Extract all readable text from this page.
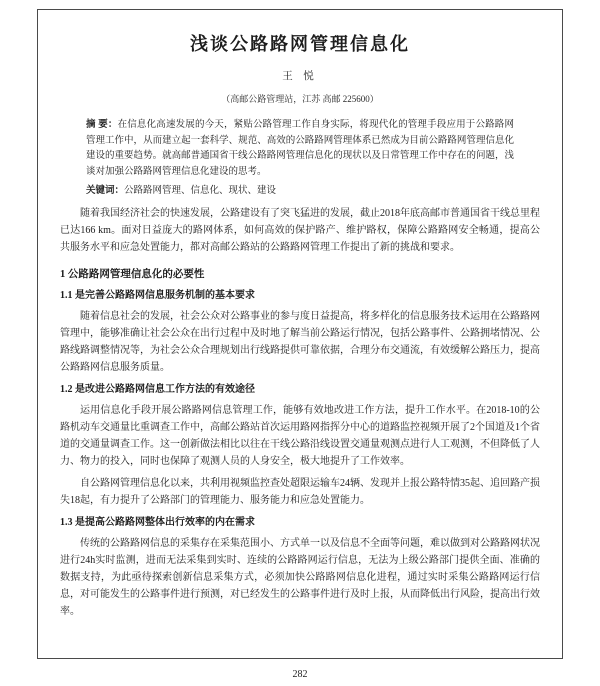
浅谈公路路网管理信息化
王 悦
（高邮公路管理站，江苏 高邮 225600）
摘 要：在信息化高速发展的今天，紧贴公路管理工作自身实际，将现代化的管理手段应用于公路路网管理工作中，从而建立起一套科学、规范、高效的公路路网管理体系已然成为目前公路路网管理信息化建设的重要趋势。就高邮普通国省干线公路路网管理信息化的现状以及日常管理工作中存在的问题，浅谈对加强公路路网管理信息化建设的思考。
关键词：公路路网管理、信息化、现状、建设

随着我国经济社会的快速发展，公路建设有了突飞猛进的发展，截止2018年底高邮市普通国省干线总里程已达166 km。面对日益庞大的路网体系，如何高效的保护路产、维护路权，保障公路路网安全畅通，提高公共服务水平和应急处置能力，都对高邮公路站的公路路网管理工作提出了新的挑战和要求。

1 公路路网管理信息化的必要性
1.1 是完善公路路网信息服务机制的基本要求

随着信息社会的发展，社会公众对公路事业的参与度日益提高，将多样化的信息服务技术运用在公路路网管理中，能够准确让社会公众在出行过程中及时地了解当前公路运行情况，包括公路事件、公路拥堵情况、公路线路调整情况等，为社会公众合理规划出行线路提供可靠依据，合理分布交通流，有效缓解公路压力，提高公路路网信息服务质量。

1.2 是改进公路路网信息工作方法的有效途径

运用信息化手段开展公路路网信息管理工作，能够有效地改进工作方法，提升工作水平。在2018-10的公路机动车交通量比重调查工作中，高邮公路站首次运用路网指挥分中心的道路监控视频开展了2个国道及1个省道的交通量调查工作。这一创新做法相比以往在干线公路沿线设置交通量观测点进行人工观测，不但降低了人力、物力的投入，同时也保障了观测人员的人身安全，极大地提升了工作效率。

自公路网管理信息化以来，共利用视频监控查处超限运输车24辆、发现并上报公路特情35起、追回路产损失18起，有力提升了公路部门的管理能力、服务能力和应急处置能力。

1.3 是提高公路路网整体出行效率的内在需求

传统的公路路网信息的采集存在采集范围小、方式单一以及信息不全面等问题，难以做到对公路路网状况进行24h实时监测，进而无法采集到实时、连续的公路路网运行信息，无法为上级公路部门提供全面、准确的数据支持，为此亟待探索创新信息采集方式，必须加快公路路网信息化进程，通过实时采集公路路网运行信息，对可能发生的公路事件进行预测，对已经发生的公路事件进行及时上报，从而降低出行风险，提高出行效率。

282
